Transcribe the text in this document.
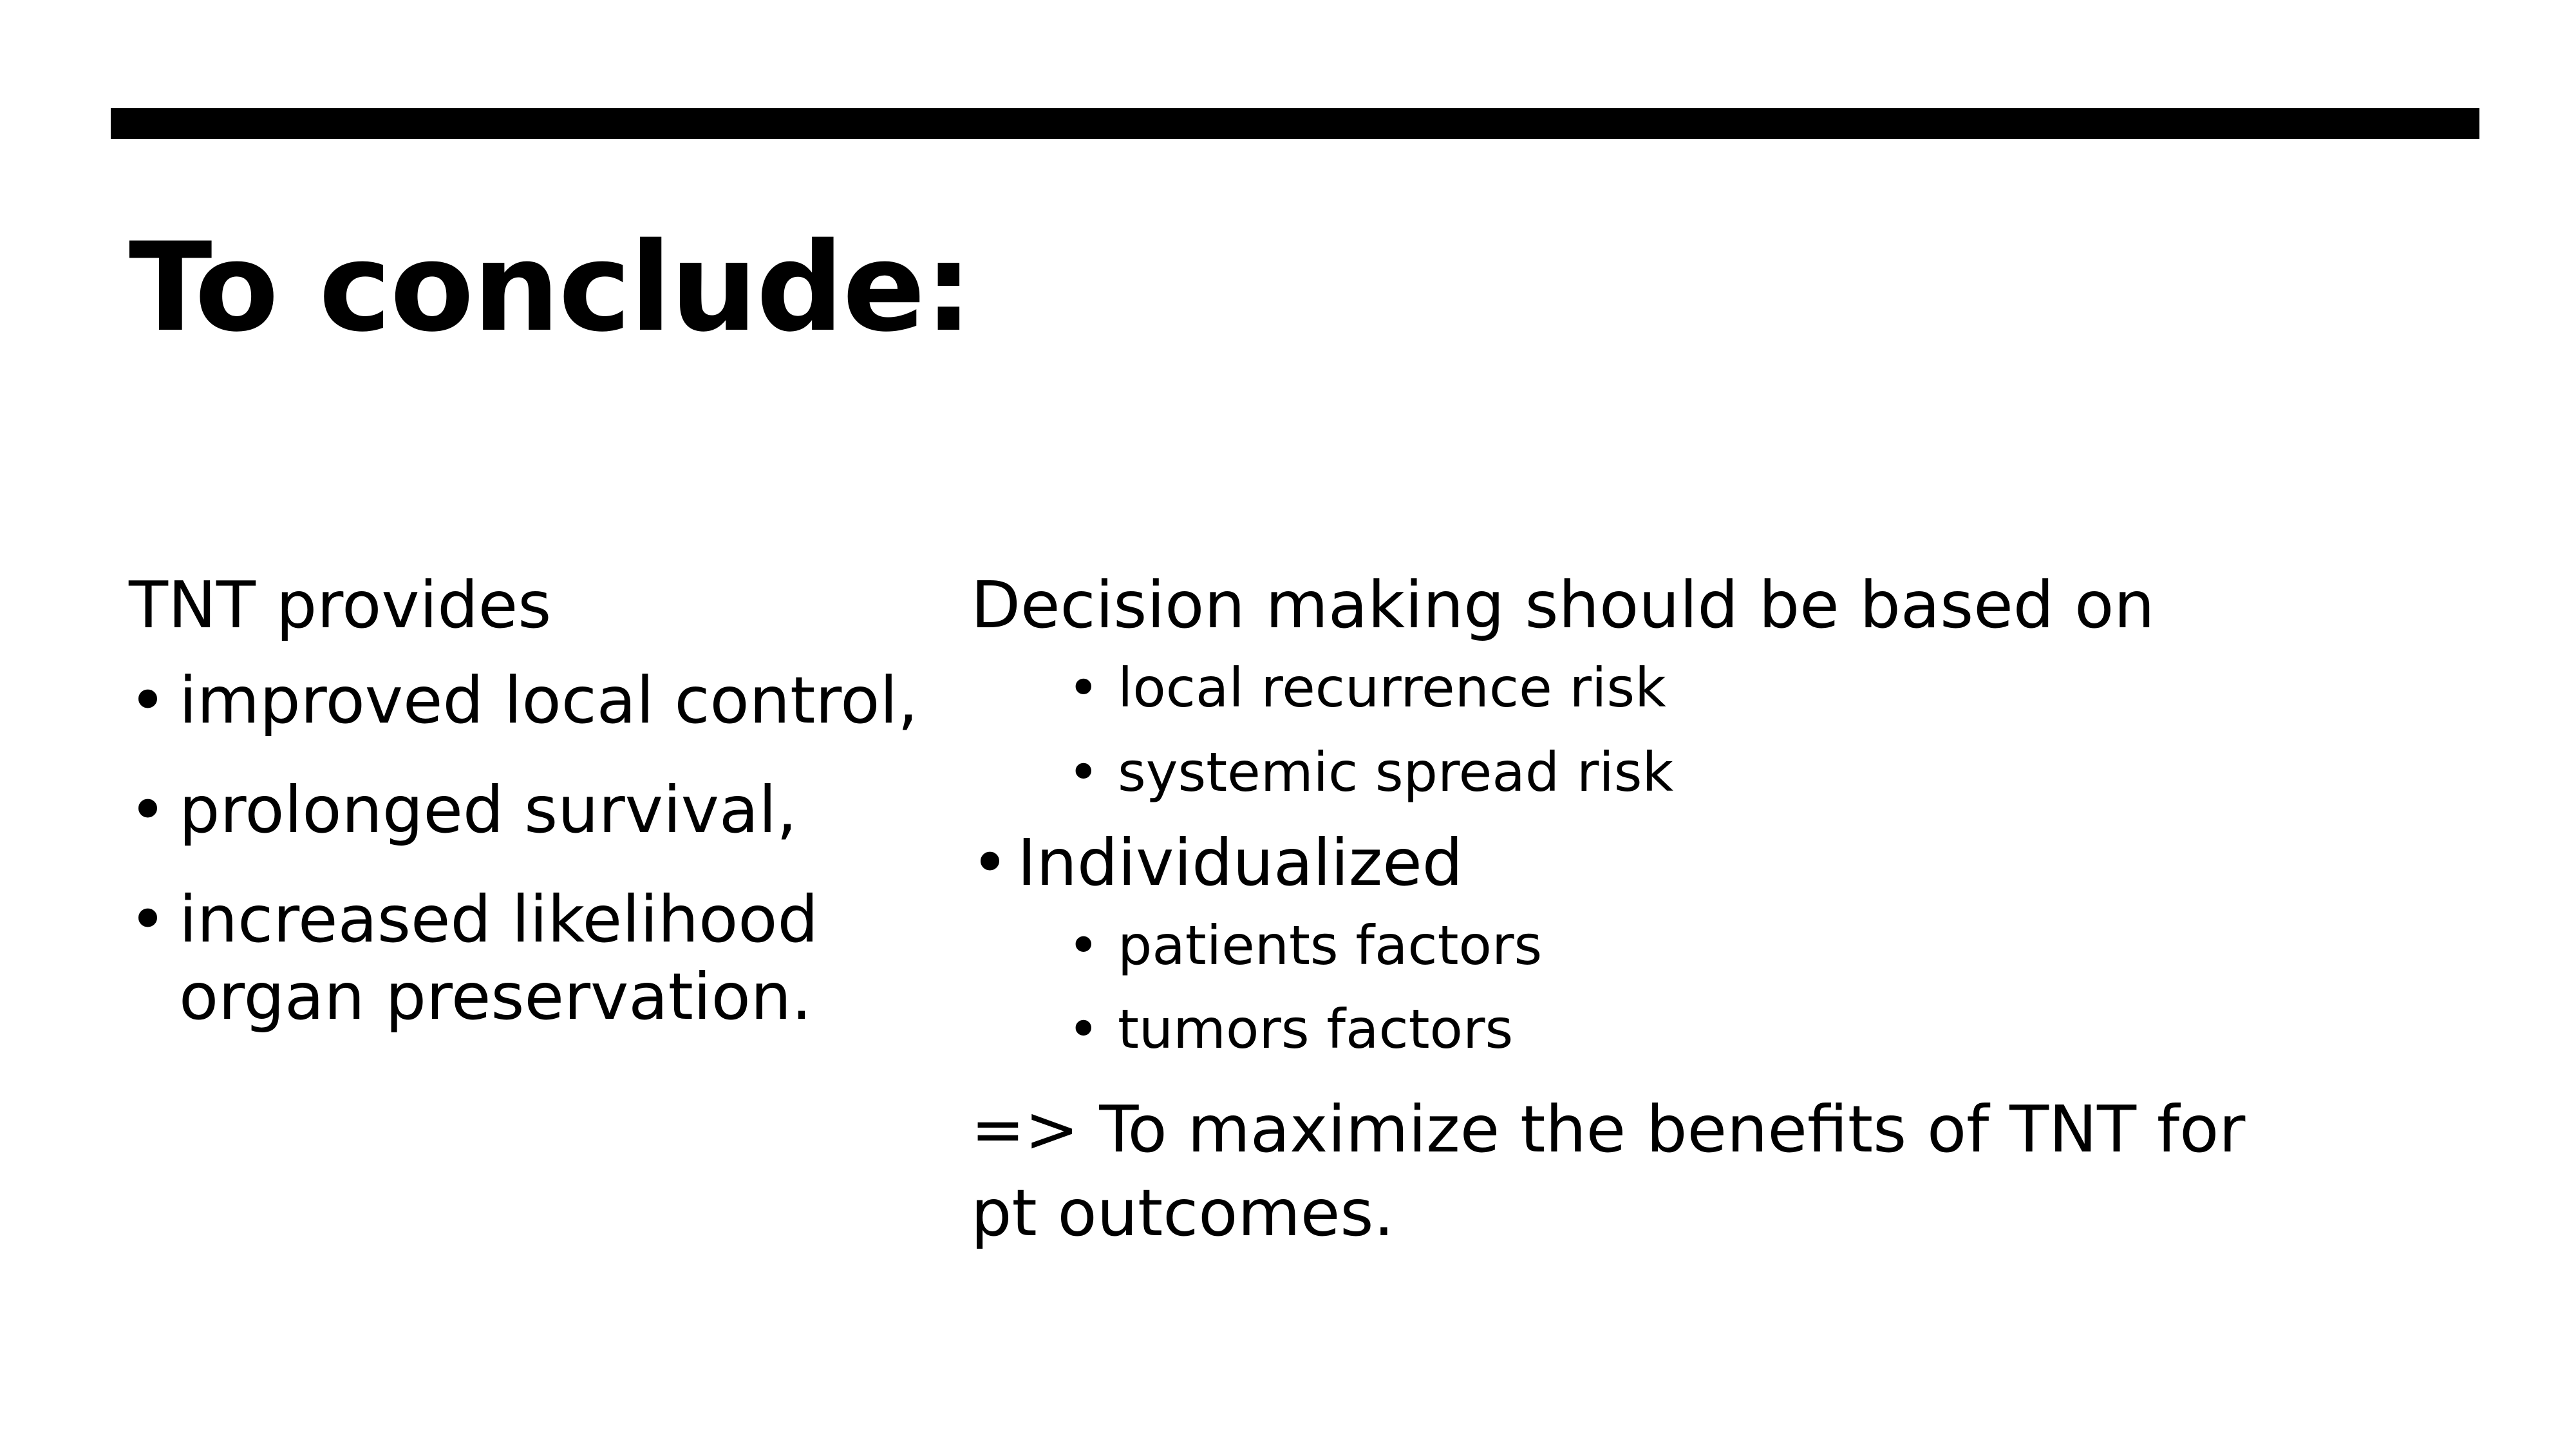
To conclude:
TNT provides
• improved local control,
• prolonged survival,
• increased likelihood organ preservation.
Decision making should be based on
• local recurrence risk
• systemic spread risk
• Individualized
• patients factors
• tumors factors
=> To maximize the benefits of TNT for pt outcomes.
